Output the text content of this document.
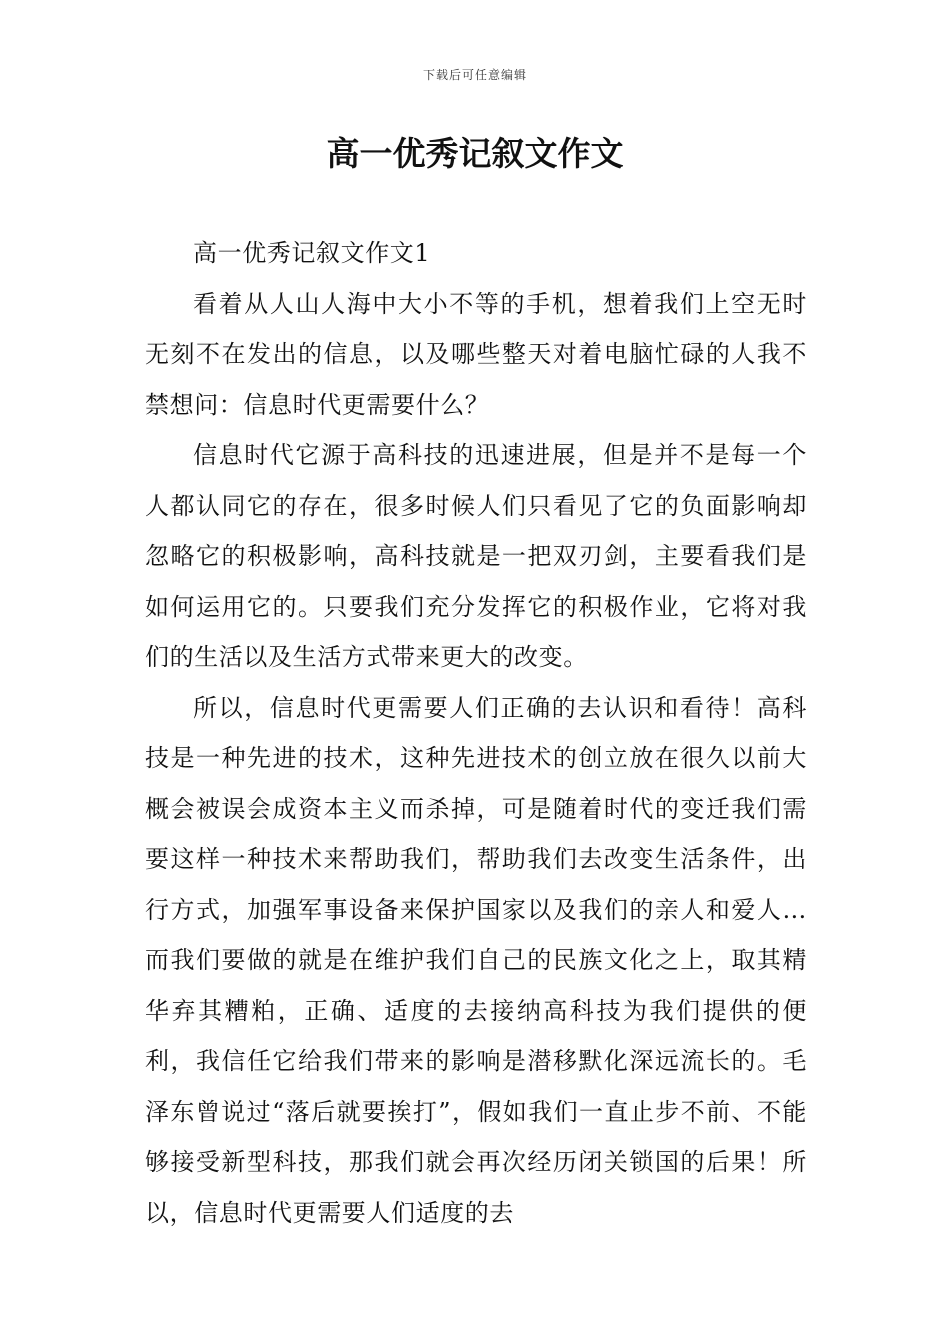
下载后可任意编辑
高一优秀记叙文作文

高一优秀记叙文作文1

看着从人山人海中大小不等的手机，想着我们上空无时无刻不在发出的信息，以及哪些整天对着电脑忙碌的人我不禁想问：信息时代更需要什么？

信息时代它源于高科技的迅速进展，但是并不是每一个人都认同它的存在，很多时候人们只看见了它的负面影响却忽略它的积极影响，高科技就是一把双刃剑，主要看我们是如何运用它的。只要我们充分发挥它的积极作业，它将对我们的生活以及生活方式带来更大的改变。

所以，信息时代更需要人们正确的去认识和看待！高科技是一种先进的技术，这种先进技术的创立放在很久以前大概会被误会成资本主义而杀掉，可是随着时代的变迁我们需要这样一种技术来帮助我们，帮助我们去改变生活条件，出行方式，加强军事设备来保护国家以及我们的亲人和爱人…而我们要做的就是在维护我们自己的民族文化之上，取其精华弃其糟粕，正确、适度的去接纳高科技为我们提供的便利，我信任它给我们带来的影响是潜移默化深远流长的。毛泽东曾说过“落后就要挨打”，假如我们一直止步不前、不能够接受新型科技，那我们就会再次经历闭关锁国的后果！所以，信息时代更需要人们适度的去
